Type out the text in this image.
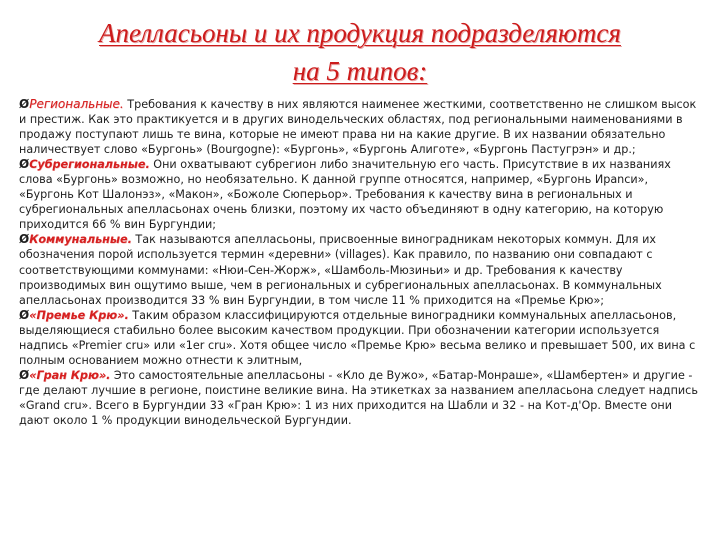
Апелласьоны и их продукция подразделяются
на 5 типов:

ØРегиональные. Требования к качеству в них являются наименее жесткими, соответственно не слишком высок и престиж. Как это практикуется и в других винодельческих областях, под региональными наименованиями в продажу поступают лишь те вина, которые не имеют права ни на какие другие. В их названии обязательно наличествует слово «Бургонь» (Bourgogne): «Бургонь», «Бургонь Алиготе», «Бургонь Пастугрэн» и др.;

ØСубрегиональные. Они охватывают субрегион либо значительную его часть. Присутствие в их названиях слова «Бургонь» возможно, но необязательно. К данной группе относятся, например, «Бургонь Ираnси», «Бургонь Кот Шалонэз», «Макон», «Божоле Сюперьор». Требования к качеству вина в региональных и субрегиональных апелласьонах очень близки, поэтому их часто объединяют в одну категорию, на которую приходится 66 % вин Бургундии;

ØКоммунальные. Так называются апелласьоны, присвоенные виноградникам некоторых коммун. Для их обозначения порой используется термин «деревни» (villages). Как правило, по названию они совпадают с соответствующими коммунами: «Нюи-Сен-Жорж», «Шамболь-Мюзиньи» и др. Требования к качеству производимых вин ощутимо выше, чем в региональных и субрегиональных апелласьонах. В коммунальных апелласьонах производится 33 % вин Бургундии, в том числе 11 % приходится на «Премье Крю»;

Ø«Премье Крю». Таким образом классифицируются отдельные виноградники коммунальных апелласьонов, выделяющиеся стабильно более высоким качеством продукции. При обозначении категории используется надпись «Premier cru» или «1er cru». Хотя общее число «Премье Крю» весьма велико и превышает 500, их вина с полным основанием можно отнести к элитным,

Ø«Гран Крю». Это самостоятельные апелласьоны - «Кло де Вужо», «Батар-Монраше», «Шамбертен» и другие - где делают лучшие в регионе, поистине великие вина. На этикетках за названием апелласьона следует надпись «Grand cru». Всего в Бургундии 33 «Гран Крю»: 1 из них приходится на Шабли и 32 - на Кот-д'Ор. Вместе они дают около 1 % продукции винодельческой Бургундии.
